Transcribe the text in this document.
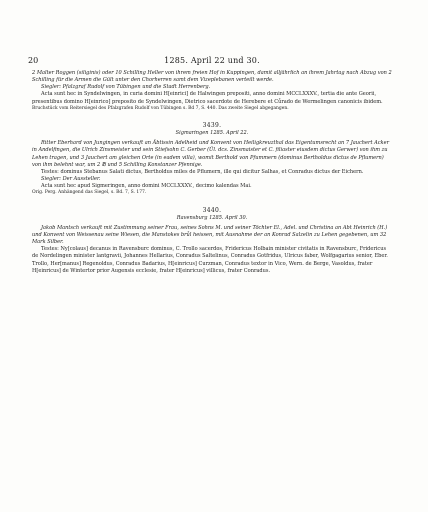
20	1285. April 22 und 30.

2 Malter Roggen (siliginis) oder 10 Schilling Heller von ihrem freien Hof in Kuppingen, damit alljährlich an ihrem Jahrtag nach Abzug von 2 Schilling für die Armen die Gült unter den Chorherren samt dem Vizeplebanen verteilt werde.

Siegler: Pfalzgraf Rudolf von Tübingen und die Stadt Herrenberg.

Acta sunt hec in Syndelwingen, in curia domini H[einrici] de Halwingen prepositi, anno domini MCCLXXXV., tertia die ante Georii, presentibus domino H[einrico] preposito de Syndelwingen, Dietrico sacerdote de Herebere et Cůrado de Wermelingen canonicis ibidem.

Bruchstück vom Reitersiegel des Pfalzgrafen Rudolf von Tübingen s. Bd 7, S. 440. Das zweite Siegel abgegangen.

3439.

Sigmaringen 1285. April 22.

Ritter Eberhard von Jungingen verkauft an Äbtissin Adelheid und Konvent von Heiligkreuzthal das Eigentumsrecht an 7 Jauchert Acker in Andelfingen, die Ulrich Zinsmeister und sein Stiefsohn C. Gerber (Ül. dcs. Zinsmaister et C. filiaster eiusdem dictus Gerwer) von ihm zu Lehen tragen, und 3 Jauchert am gleichen Orte (in eadem villa), womit Berthold von Pfummern (dominus Bertholdus dictus de Pflumern) von ihm belehnt war, um 2 ℔ und 5 Schilling Konstanzer Pfennige.

Testes: dominus Stebanus Salati dictus, Bertholdus miles de Pflumern, ille qui dicitur Salhas, et Conradus dictus der Eichern.

Siegler: Der Aussteller.

Acta sunt hec apud Sigmeringen, anno domini MCCLXXXV., decimo kalendas Mai.

Orig. Perg. Anhängend das Siegel, s. Bd. 7, S. 177.

3440.

Ravensburg 1285. April 30.

Jakob Mantsch verkauft mit Zustimmung seiner Frau, seines Sohns M. und seiner Töchter El., Adel. und Christina an Abt Heinrich (H.) und Konvent von Weissenau seine Wiesen, die Manstokes brůl heissen, mit Ausnahme der an Konrad Salzelin zu Lehen gegebenen, um 32 Mark Silber.

Testes: Ny[colaus] decanus in Ravensburc dominus, C. Trollo sacerdos, Fridericus Holbain minister civitatis in Ravensburc, Fridericus de Nordelingen minister lantgravii, Johannes Hellarius, Conradus Saltelinus, Conradus Gotfridus, Ulricus faber, Wolfgagarius senior, Eber. Trollo, Her[manus] Regenoldus, Conradus Badarius, H[einricus] Curzman, Conradus textor in Vico, Wern. de Berge, Vasoldus, frater H[einricus] de Wintertor prior Augensis ecclesie, frater H[einricus] villicus, frater Conradus.
